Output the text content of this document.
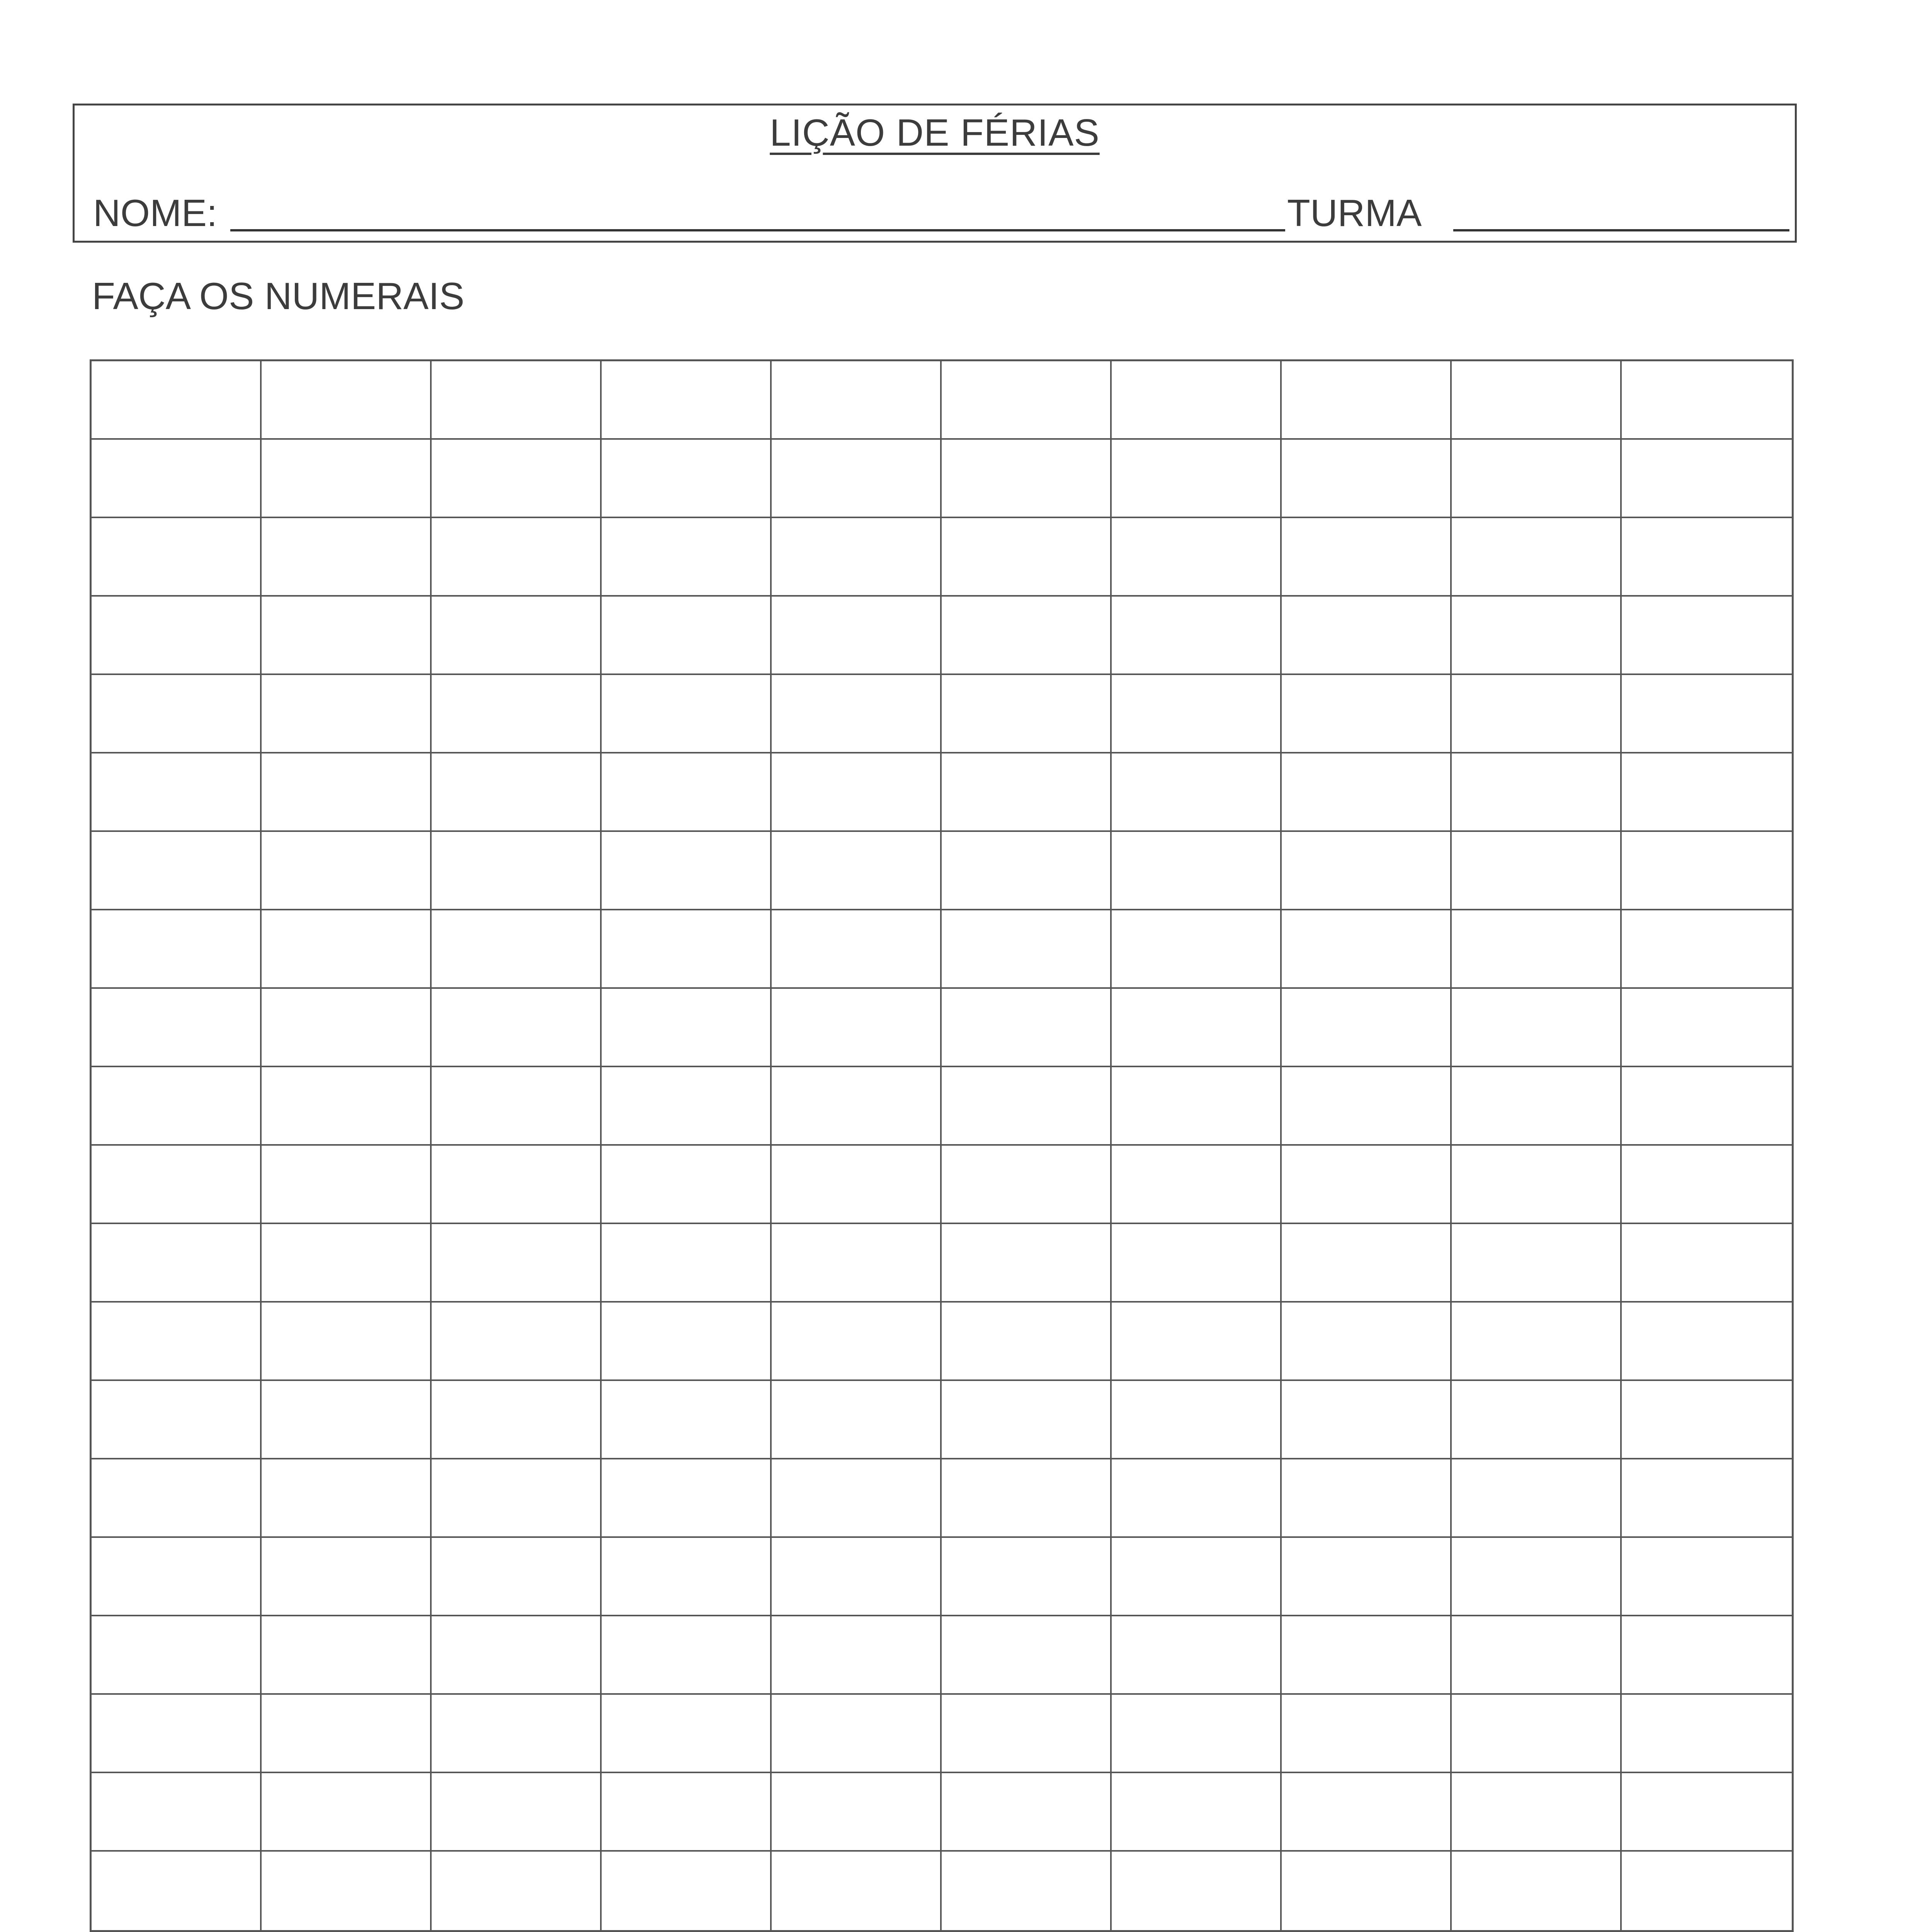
LIÇÃO DE FÉRIAS
NOME:	TURMA
FAÇA OS NUMERAIS
